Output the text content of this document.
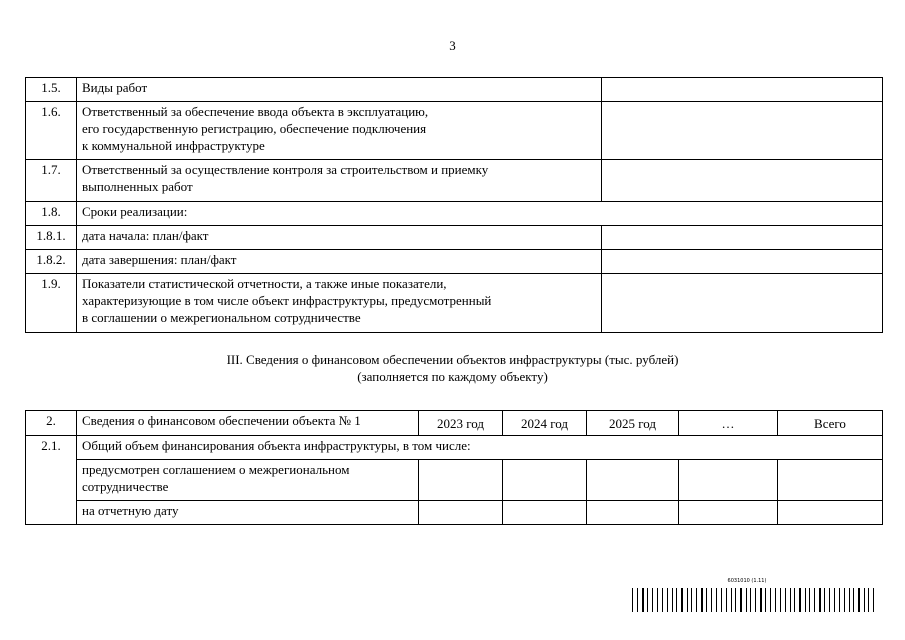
3
1.5.	Виды работ	

1.6.	Ответственный за обеспечение ввода объекта в эксплуатацию,
его государственную регистрацию, обеспечение подключения
к коммунальной инфраструктуре	

1.7.	Ответственный за осуществление контроля за строительством и приемку
выполненных работ	

1.8.	Сроки реализации:	

1.8.1.	дата начала: план/факт	

1.8.2.	дата завершения: план/факт	

1.9.	Показатели статистической отчетности, а также иные показатели,
характеризующие в том числе объект инфраструктуры, предусмотренный
в соглашении о межрегиональном сотрудничестве	

III. Сведения о финансовом обеспечении объектов инфраструктуры (тыс. рублей)
(заполняется по каждому объекту)
2.	Сведения о финансовом обеспечении объекта № 1	2023 год	2024 год	2025 год	…	Всего
2.1.	Общий объем финансирования объекта инфраструктуры, в том числе:					

	предусмотрен соглашением о межрегиональном
сотрудничестве					

	на отчетную дату					

6031010 (1.11)
